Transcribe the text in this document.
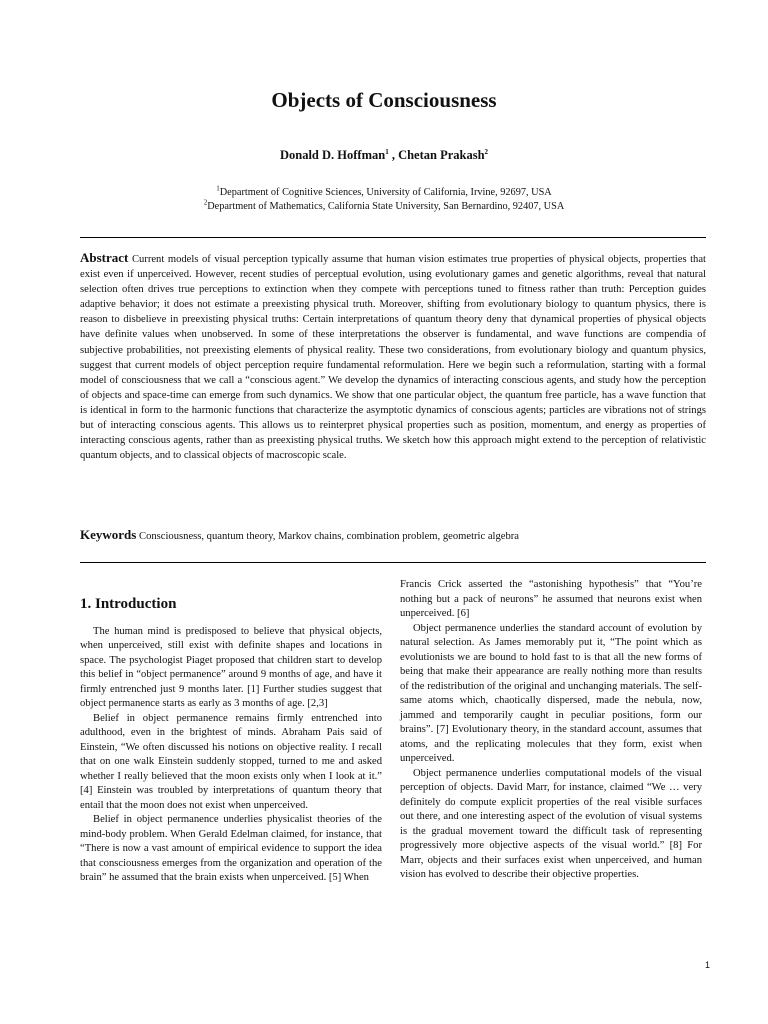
Objects of Consciousness
Donald D. Hoffman$^1$ , Chetan Prakash$^2$
$^1$Department of Cognitive Sciences, University of California, Irvine, 92697, USA
$^2$Department of Mathematics, California State University, San Bernardino, 92407, USA

Abstract Current models of visual perception typically assume that human vision estimates true properties of physical objects, properties that exist even if unperceived. However, recent studies of perceptual evolution, using evolutionary games and genetic algorithms, reveal that natural selection often drives true perceptions to extinction when they compete with perceptions tuned to fitness rather than truth: Perception guides adaptive behavior; it does not estimate a preexisting physical truth. Moreover, shifting from evolutionary biology to quantum physics, there is reason to disbelieve in preexisting physical truths: Certain interpretations of quantum theory deny that dynamical properties of physical objects have definite values when unobserved. In some of these interpretations the observer is fundamental, and wave functions are compendia of subjective probabilities, not preexisting elements of physical reality. These two considerations, from evolutionary biology and quantum physics, suggest that current models of object perception require fundamental reformulation. Here we begin such a reformulation, starting with a formal model of consciousness that we call a “conscious agent.” We develop the dynamics of interacting conscious agents, and study how the perception of objects and space-time can emerge from such dynamics. We show that one particular object, the quantum free particle, has a wave function that is identical in form to the harmonic functions that characterize the asymptotic dynamics of conscious agents; particles are vibrations not of strings but of interacting conscious agents. This allows us to reinterpret physical properties such as position, momentum, and energy as properties of interacting conscious agents, rather than as preexisting physical truths. We sketch how this approach might extend to the perception of relativistic quantum objects, and to classical objects of macroscopic scale.

Keywords Consciousness, quantum theory, Markov chains, combination problem, geometric algebra

1. Introduction

The human mind is predisposed to believe that physical objects, when unperceived, still exist with definite shapes and locations in space. The psychologist Piaget proposed that children start to develop this belief in “object permanence” around 9 months of age, and have it firmly entrenched just 9 months later. [1] Further studies suggest that object permanence starts as early as 3 months of age. [2,3]

Belief in object permanence remains firmly entrenched into adulthood, even in the brightest of minds. Abraham Pais said of Einstein, “We often discussed his notions on objective reality. I recall that on one walk Einstein suddenly stopped, turned to me and asked whether I really believed that the moon exists only when I look at it.” [4] Einstein was troubled by interpretations of quantum theory that entail that the moon does not exist when unperceived.

Belief in object permanence underlies physicalist theories of the mind-body problem. When Gerald Edelman claimed, for instance, that “There is now a vast amount of empirical evidence to support the idea that consciousness emerges from the organization and operation of the brain” he assumed that the brain exists when unperceived. [5] When

Francis Crick asserted the “astonishing hypothesis” that “You’re nothing but a pack of neurons” he assumed that neurons exist when unperceived. [6]

Object permanence underlies the standard account of evolution by natural selection. As James memorably put it, “The point which as evolutionists we are bound to hold fast to is that all the new forms of being that make their appearance are really nothing more than results of the redistribution of the original and unchanging materials. The self-same atoms which, chaotically dispersed, made the nebula, now, jammed and temporarily caught in peculiar positions, form our brains”. [7] Evolutionary theory, in the standard account, assumes that atoms, and the replicating molecules that they form, exist when unperceived.

Object permanence underlies computational models of the visual perception of objects. David Marr, for instance, claimed “We … very definitely do compute explicit properties of the real visible surfaces out there, and one interesting aspect of the evolution of visual systems is the gradual movement toward the difficult task of representing progressively more objective aspects of the visual world.” [8] For Marr, objects and their surfaces exist when unperceived, and human vision has evolved to describe their objective properties.

1
